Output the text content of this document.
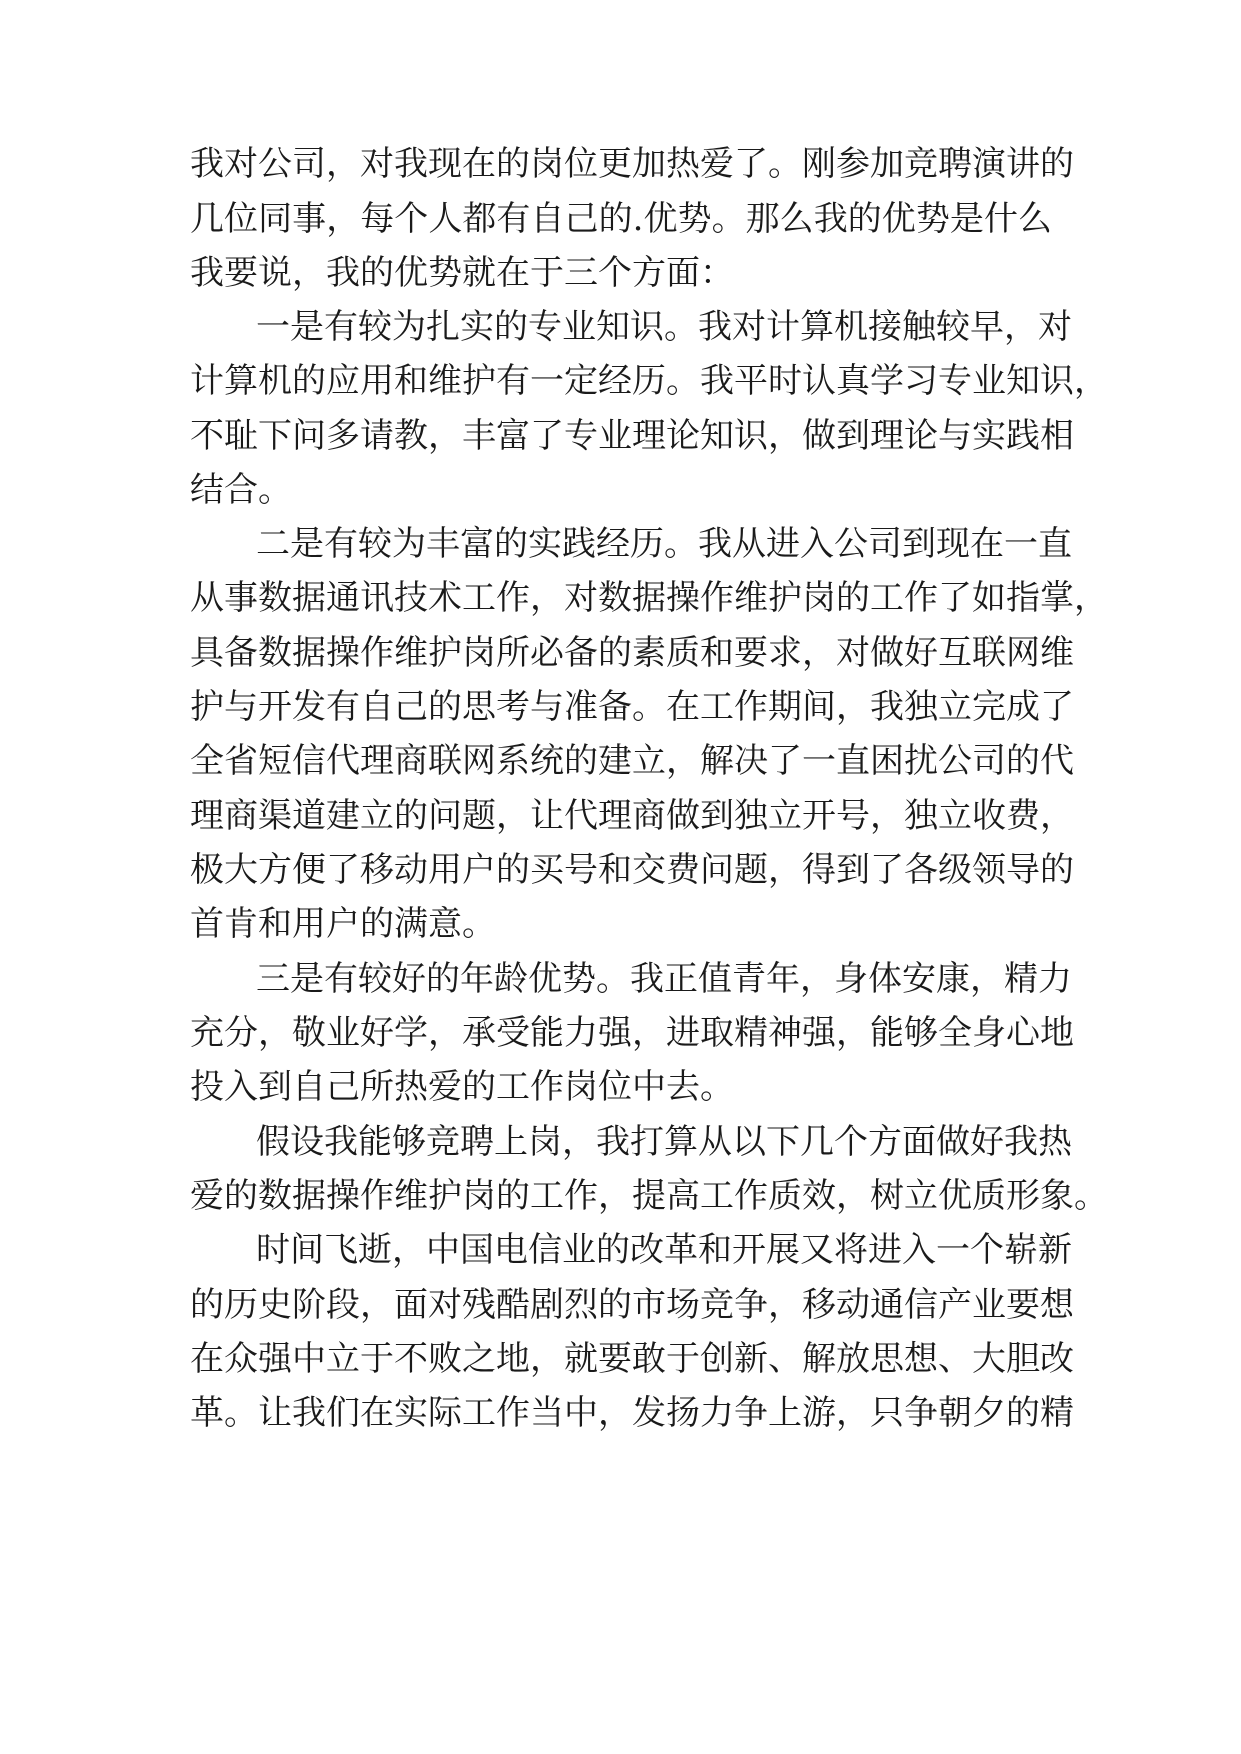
我对公司，对我现在的岗位更加热爱了。刚参加竞聘演讲的

几位同事，每个人都有自己的.优势。那么我的优势是什么

我要说，我的优势就在于三个方面：

一是有较为扎实的专业知识。我对计算机接触较早，对

计算机的应用和维护有一定经历。我平时认真学习专业知识，

不耻下问多请教，丰富了专业理论知识，做到理论与实践相

结合。

二是有较为丰富的实践经历。我从进入公司到现在一直

从事数据通讯技术工作，对数据操作维护岗的工作了如指掌，

具备数据操作维护岗所必备的素质和要求，对做好互联网维

护与开发有自己的思考与准备。在工作期间，我独立完成了

全省短信代理商联网系统的建立，解决了一直困扰公司的代

理商渠道建立的问题，让代理商做到独立开号，独立收费，

极大方便了移动用户的买号和交费问题，得到了各级领导的

首肯和用户的满意。

三是有较好的年龄优势。我正值青年，身体安康，精力

充分，敬业好学，承受能力强，进取精神强，能够全身心地

投入到自己所热爱的工作岗位中去。

假设我能够竞聘上岗，我打算从以下几个方面做好我热

爱的数据操作维护岗的工作，提高工作质效，树立优质形象。

时间飞逝，中国电信业的改革和开展又将进入一个崭新

的历史阶段，面对残酷剧烈的市场竞争，移动通信产业要想

在众强中立于不败之地，就要敢于创新、解放思想、大胆改

革。让我们在实际工作当中，发扬力争上游，只争朝夕的精
